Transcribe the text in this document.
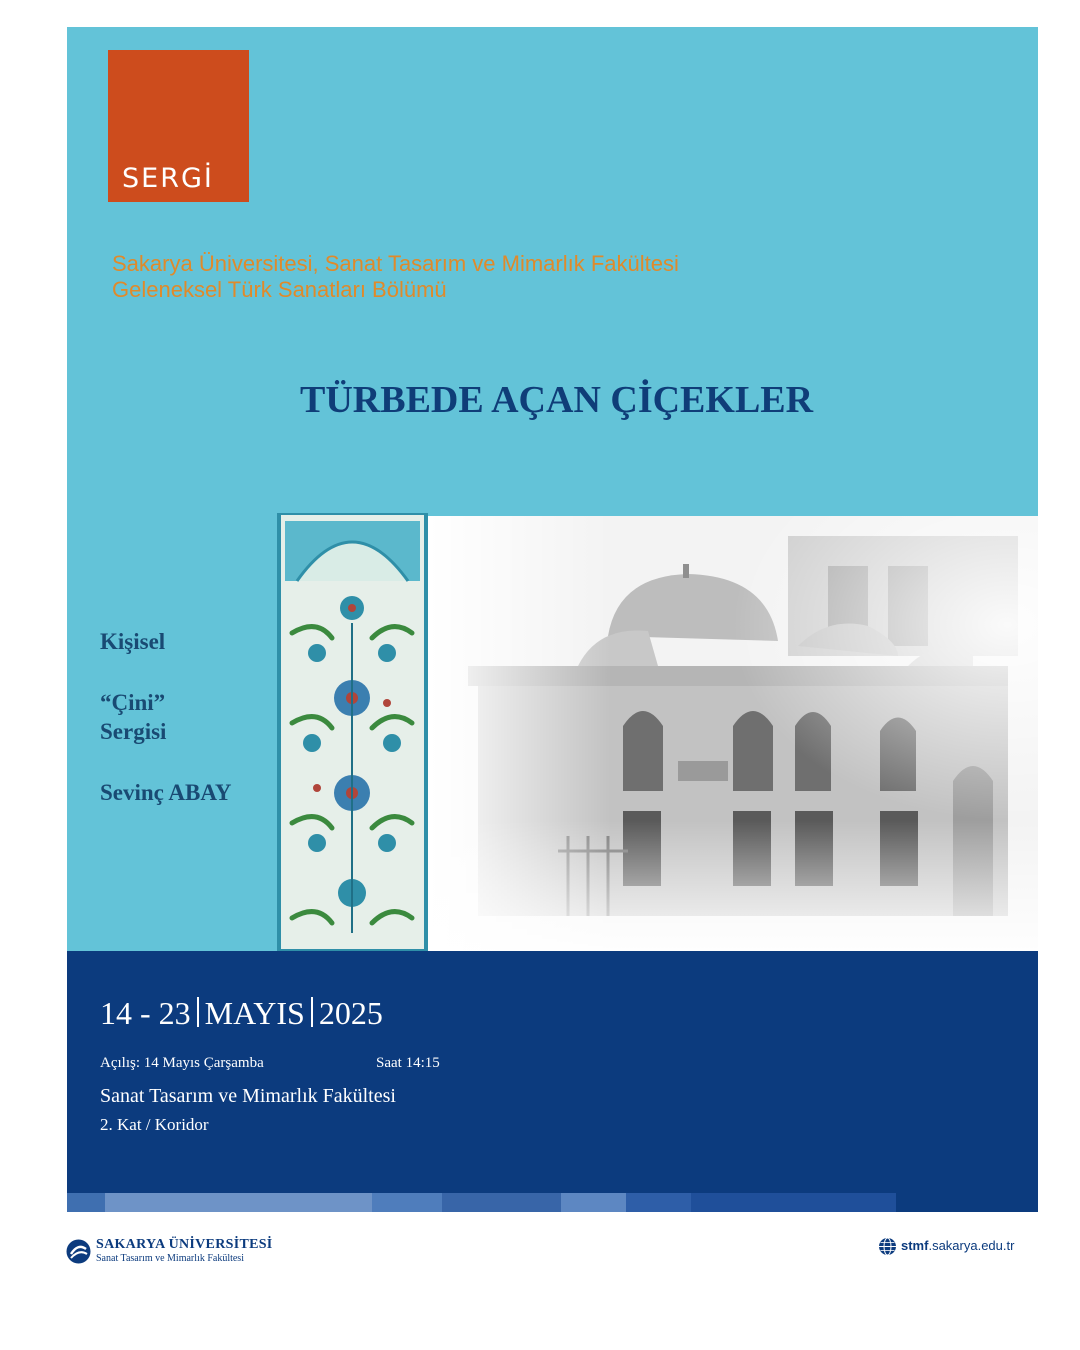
SERGİ
Sakarya Üniversitesi, Sanat Tasarım ve Mimarlık Fakültesi
Geleneksel Türk Sanatları Bölümü
TÜRBEDE AÇAN ÇİÇEKLER
Kişisel
“Çini”
Sergisi
Sevinç ABAY
14 - 23 MAYIS 2025
Açılış: 14 Mayıs Çarşamba	Saat 14:15
Sanat Tasarım ve Mimarlık Fakültesi
2. Kat / Koridor
SAKARYA ÜNİVERSİTESİ
Sanat Tasarım ve Mimarlık Fakültesi
stmf.sakarya.edu.tr
